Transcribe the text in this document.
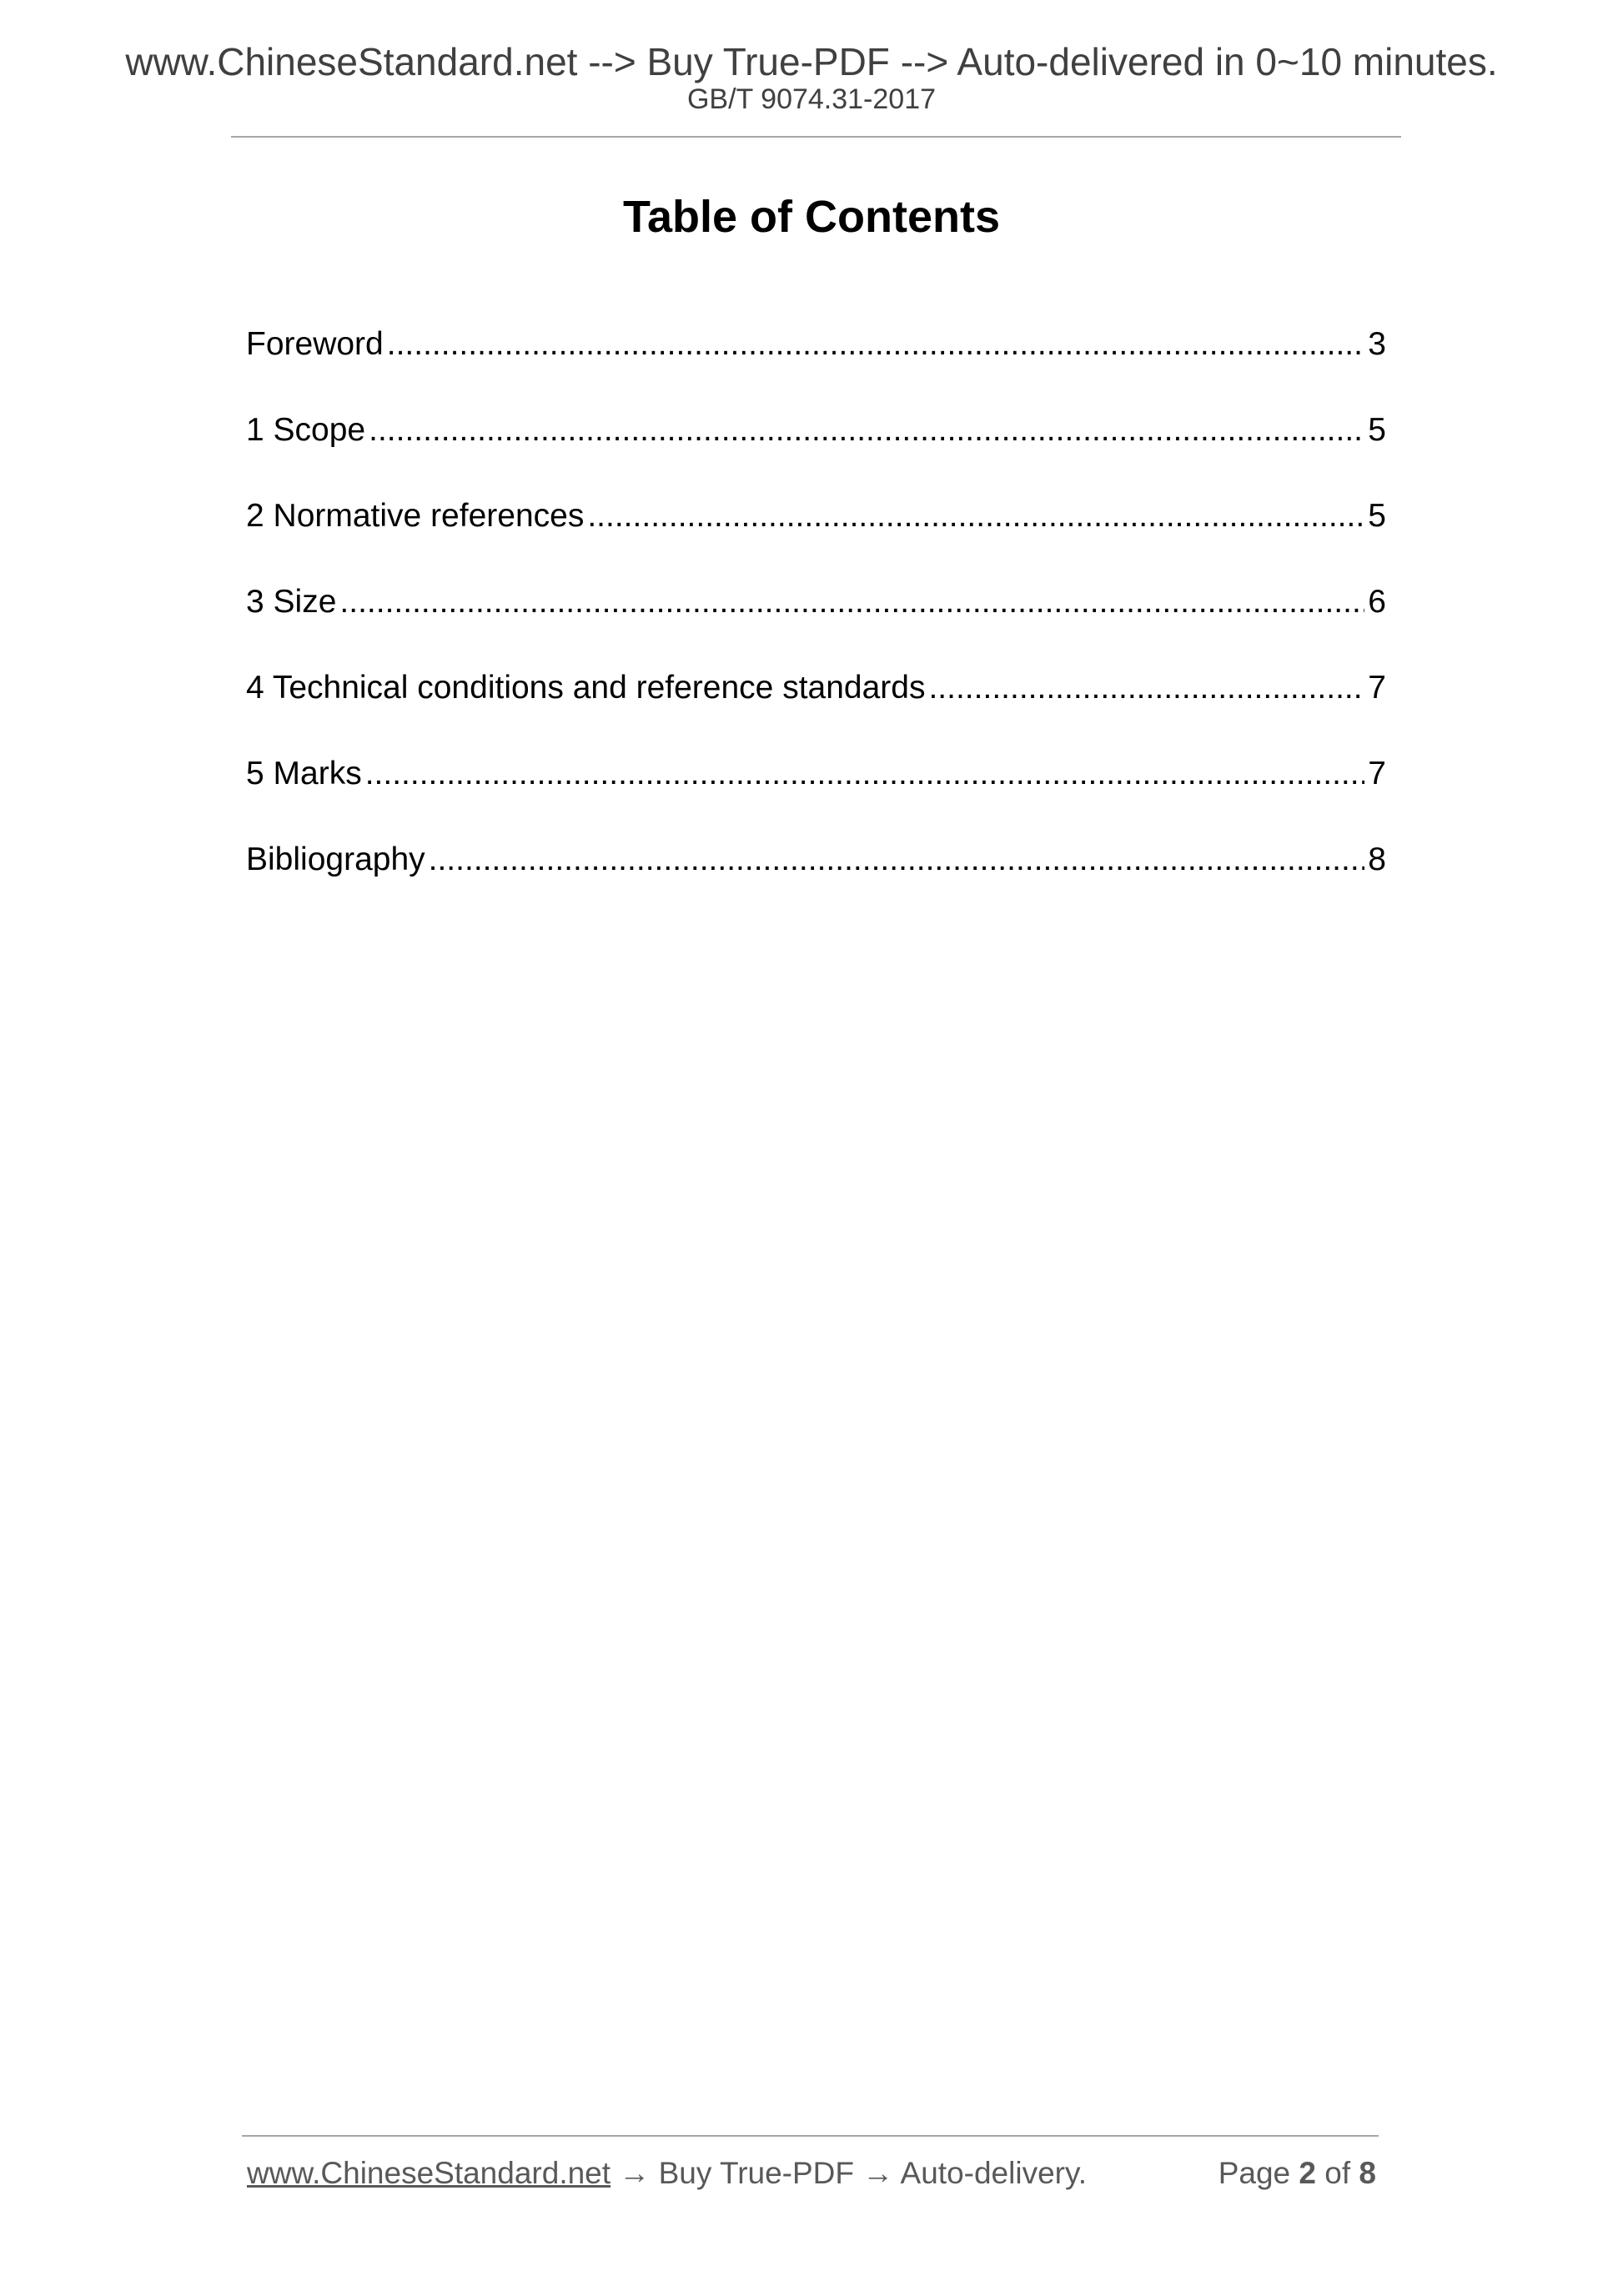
www.ChineseStandard.net --> Buy True-PDF --> Auto-delivered in 0~10 minutes.
GB/T 9074.31-2017
Table of Contents
Foreword .....	3
1 Scope .....	5
2 Normative references .....	5
3 Size .....	6
4 Technical conditions and reference standards .....	7
5 Marks .....	7
Bibliography .....	8
www.ChineseStandard.net → Buy True-PDF → Auto-delivery.	Page 2 of 8
